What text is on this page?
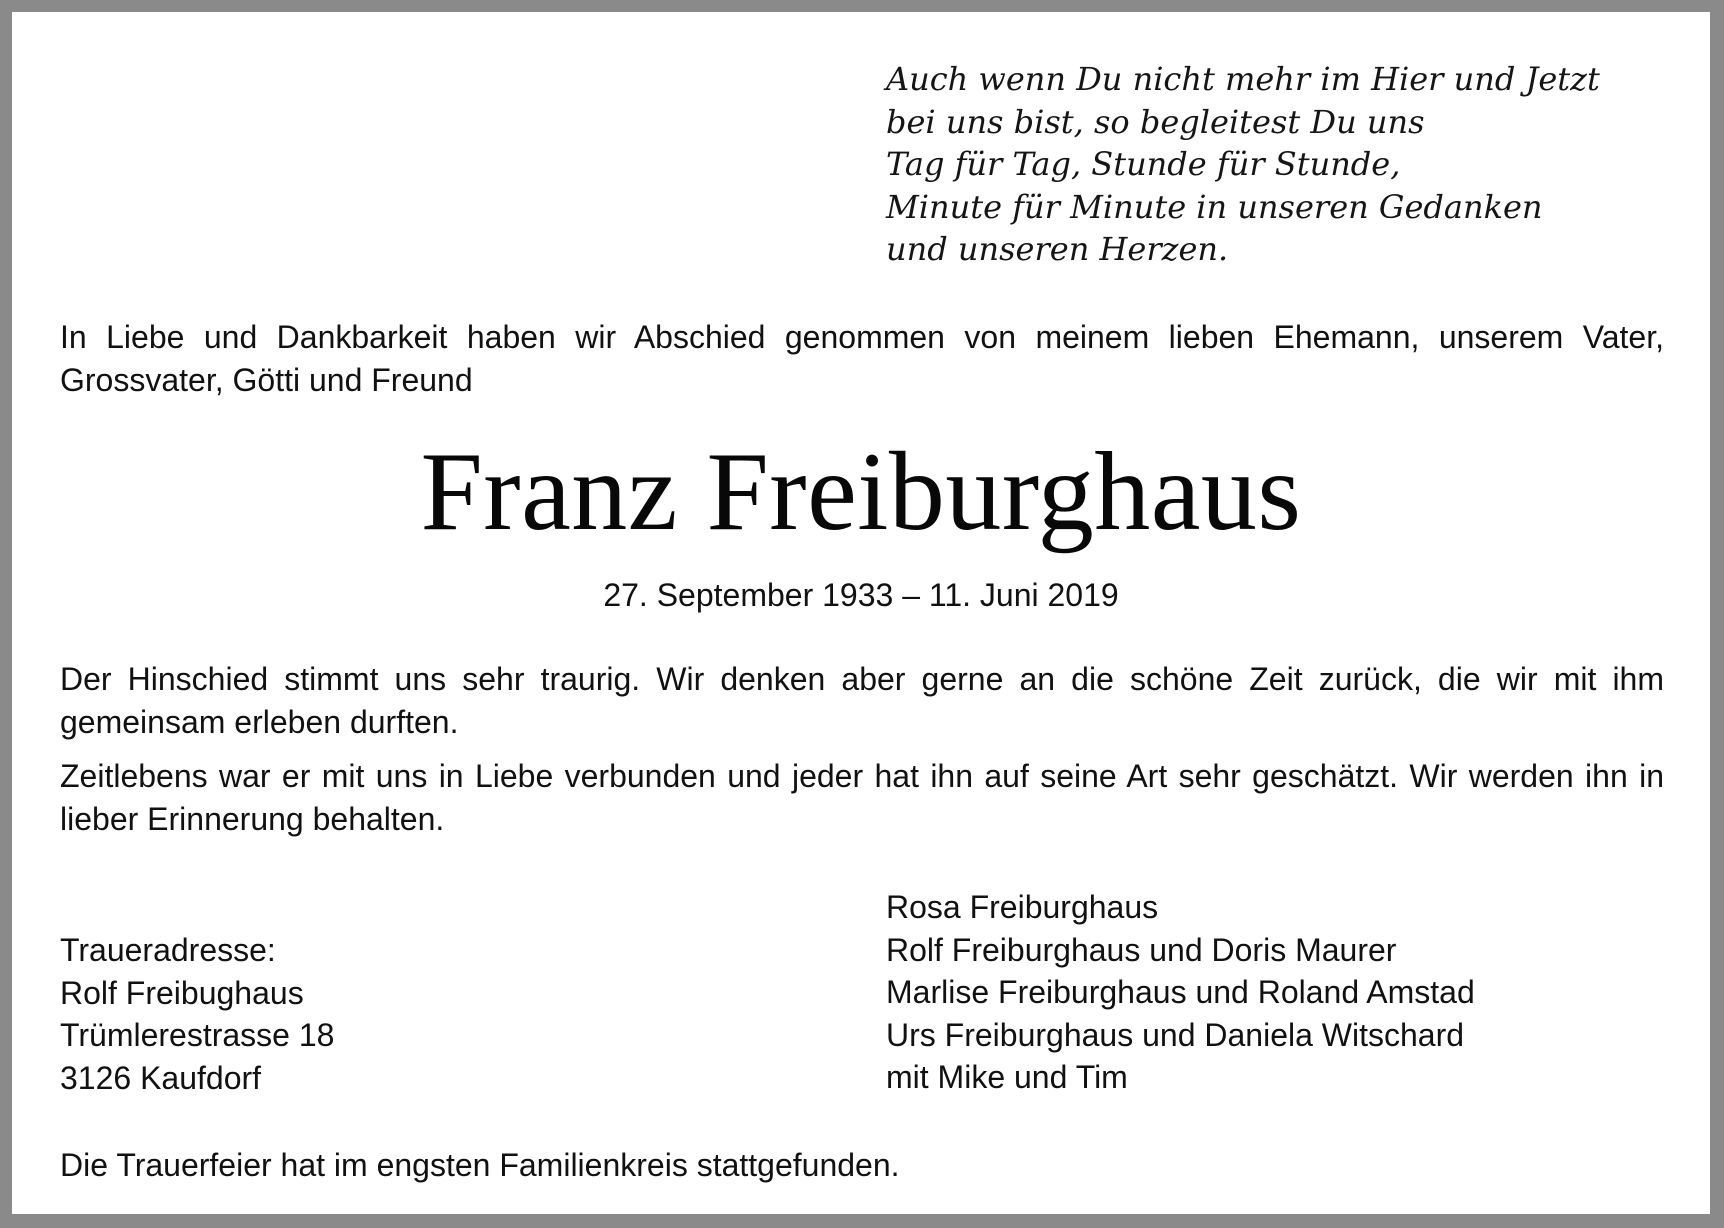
Auch wenn Du nicht mehr im Hier und Jetzt
bei uns bist, so begleitest Du uns
Tag für Tag, Stunde für Stunde,
Minute für Minute in unseren Gedanken
und unseren Herzen.

In Liebe und Dankbarkeit haben wir Abschied genommen von meinem lieben Ehemann, unserem Vater, Grossvater, Götti und Freund

Franz Freiburghaus

27. September 1933 – 11. Juni 2019

Der Hinschied stimmt uns sehr traurig. Wir denken aber gerne an die schöne Zeit zurück, die wir mit ihm gemeinsam erleben durften.

Zeitlebens war er mit uns in Liebe verbunden und jeder hat ihn auf seine Art sehr geschätzt. Wir werden ihn in lieber Erinnerung behalten.

Traueradresse:
Rolf Freibughaus
Trümlerestrasse 18
3126 Kaufdorf

Rosa Freiburghaus
Rolf Freiburghaus und Doris Maurer
Marlise Freiburghaus und Roland Amstad
Urs Freiburghaus und Daniela Witschard
mit Mike und Tim

Die Trauerfeier hat im engsten Familienkreis stattgefunden.
